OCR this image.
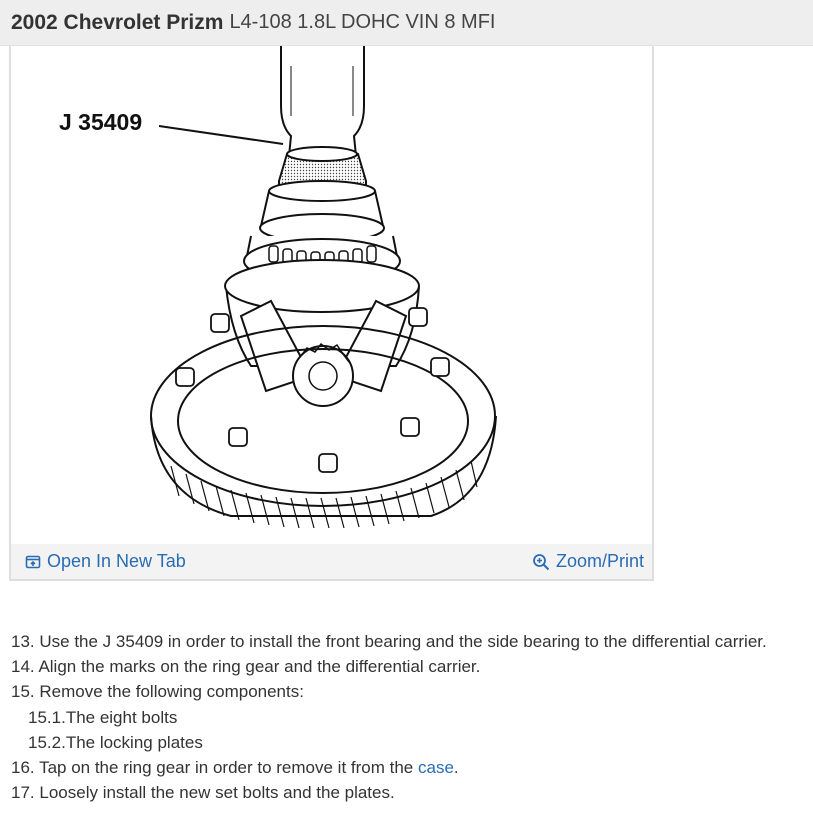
2002 Chevrolet Prizm L4-108 1.8L DOHC VIN 8 MFI
J 35409
Open In New Tab	Zoom/Print
13. Use the J 35409 in order to install the front bearing and the side bearing to the differential carrier.
14. Align the marks on the ring gear and the differential carrier.
15. Remove the following components:
15.1.The eight bolts
15.2.The locking plates
16. Tap on the ring gear in order to remove it from the case.
17. Loosely install the new set bolts and the plates.
